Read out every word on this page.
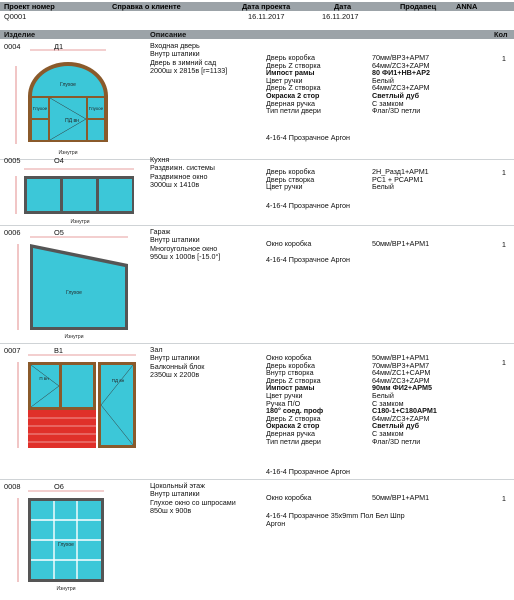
Проект номер	Справка о клиенте	Дата проекта	Дата	Продавец	ANNA
Q0001	16.11.2017	16.11.2017
Изделие	Описание	Кол
0004	Д1	Входная дверь
Внутр штапики
Дверь в зимний сад
2000ш x 2815в [r=1133]
Дверь коробка	70мм/ВР3+АРМ7
Дверь Z створка	64мм/ZC3+ZАРМ
Импост рамы	80 ФИ1+НВ+АР2
Цвет ручки	Белый
Дверь Z створка	64мм/ZC3+ZАРМ
Окраска 2 стор	Светлый дуб
Дверная ручка	С замком
Тип петли двери	Флаг/3D петли
4-16-4 Прозрачное Аргон
1
Глухое
ПД вн
Глухое	Глухое
Изнутри
0005	О4	Кухня
Раздвижн. системы
Раздвижное окно
3000ш x 1410в
Дверь коробка	2Н_Разд1+АРМ1
Дверь створка	РС1 + РСАРМ1
Цвет ручки	Белый
4-16-4 Прозрачное Аргон
1
Изнутри
0006	О5	Гараж
Внутр штапики
Многоугольное окно
950ш x 1000в [-15.0°]
Окно коробка	50мм/ВР1+АРМ1
4-16-4 Прозрачное Аргон
1
Глухое
Изнутри
0007	В1	Зал
Внутр штапики
Балконный блок
2350ш x 2200в
Окно коробка	50мм/ВР1+АРМ1
Дверь коробка	70мм/ВР3+АРМ7
Внутр створка	64мм/ZC1+CАРМ
Дверь Z створка	64мм/ZC3+ZАРМ
Импост рамы	90мм ФИ2+АРМ5
Цвет ручки	Белый
Ручка П/О	С замком
180° соед. проф	С180-1+С180АРМ1
Дверь Z створка	64мм/ZC3+ZАРМ
Окраска 2 стор	Светлый дуб
Дверная ручка	С замком
Тип петли двери	Флаг/3D петли
4-16-4 Прозрачное Аргон
1
П вн	ПД вн
0008	О6	Цокольный этаж
Внутр штапики
Глухое окно со шпросами
850ш x 900в
Окно коробка	50мм/ВР1+АРМ1
4-16-4 Прозрачное 35x9mm Пол Бел Шпр
Аргон
1
Глухое
Изнутри
